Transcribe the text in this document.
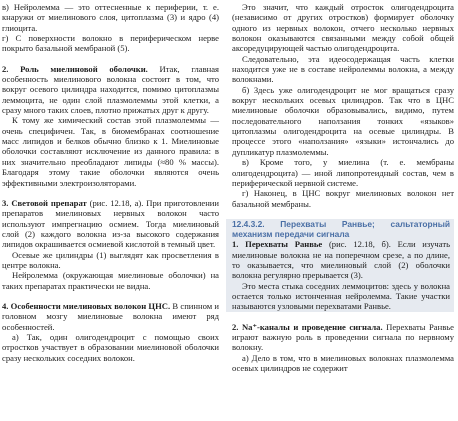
в) Нейролемма — это оттесненные к периферии, т. е. кнаружи от миелинового слоя, цитоплазма (3) и ядро (4) глиоцита.

г) С поверхности волокно в периферическом нерве покрыто базальной мембраной (5).

2. Роль миелиновой оболочки. Итак, главная особенность миелинового волокна состоит в том, что вокруг осевого цилиндра находится, помимо цитоплазмы леммоцита, не один слой плазмолеммы этой клетки, а сразу много таких слоев, плотно прижатых друг к другу.

К тому же химический состав этой плазмолеммы — очень специфичен. Так, в биомембранах соотношение масс липидов и белков обычно близко к 1. Миелиновые оболочки составляют исключение из данного правила: в них значительно преобладают липиды (≈80 % массы). Благодаря этому такие оболочки являются очень эффективными электроизоляторами.

3. Световой препарат (рис. 12.18, а). При приготовлении препаратов миелиновых нервных волокон часто используют импрегнацию осмием. Тогда миелиновый слой (2) каждого волокна из-за высокого содержания липидов окрашивается осмиевой кислотой в темный цвет.

Осевые же цилиндры (1) выглядят как просветления в центре волокна.

Нейролемма (окружающая миелиновые оболочки) на таких препаратах практически не видна.

4. Особенности миелиновых волокон ЦНС. В спинном и головном мозгу миелиновые волокна имеют ряд особенностей.

а) Так, один олигодендроцит с помощью своих отростков участвует в образовании миелиновой оболочки сразу нескольких соседних волокон.

Это значит, что каждый отросток олигодендроцита (независимо от других отростков) формирует оболочку одного из нервных волокон, отчего несколько нервных волокон оказываются связанными между собой общей аксоредуцирующей частью олигодендроцита.

Следовательно, эта идеосодержащая часть клетки находится уже не в составе нейролеммы волокна, а между волокнами.

б) Здесь уже олигодендроцит не мог вращаться сразу вокруг нескольких осевых цилиндров. Так что в ЦНС миелиновые оболочки образовывались, видимо, путем последовательного наползания тонких «языков» цитоплазмы олигодендроцита на осевые цилиндры. В процессе этого «наползания» «языки» истончались до дупликатур плазмолеммы.

в) Кроме того, у миелина (т. е. мембраны олигодендроцита) — иной липопротеидный состав, чем в периферической нервной системе.

г) Наконец, в ЦНС вокруг миелиновых волокон нет базальной мембраны.

12.4.3.2. Перехваты Ранвье; сальтаторный механизм передачи сигнала

1. Перехваты Ранвье (рис. 12.18, б). Если изучать миелиновые волокна не на поперечном срезе, а по длине, то оказывается, что миелиновый слой (2) оболочки волокна регулярно прерывается (3).

Это места стыка соседних леммоцитов: здесь у волокна остается только истонченная нейролемма. Такие участки называются узловыми перехватами Ранвье.

2. Na⁺-каналы и проведение сигнала. Перехваты Ранвье играют важную роль в проведении сигнала по нервному волокну.

а) Дело в том, что в миелиновых волокнах плазмолемма осевых цилиндров не содержит
